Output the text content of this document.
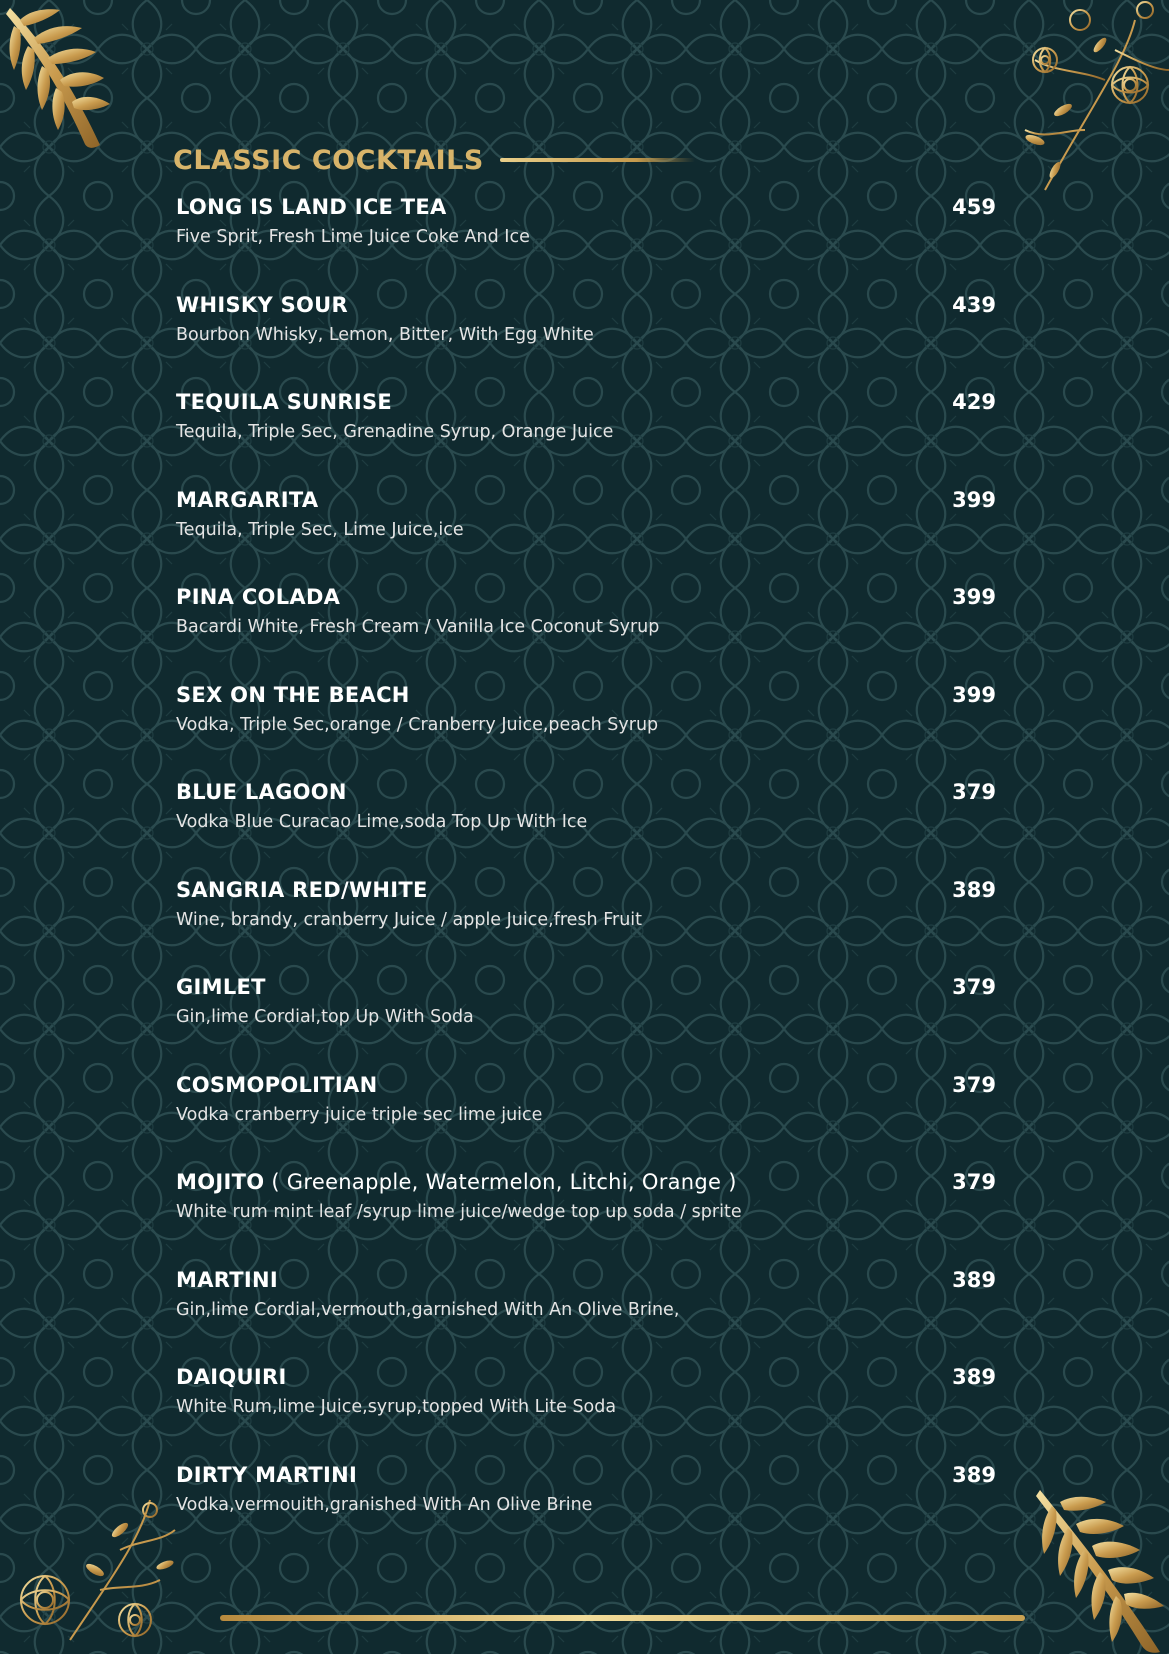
CLASSIC COCKTAILS
LONG IS LAND ICE TEA	459
Five Sprit, Fresh Lime Juice Coke And Ice
WHISKY SOUR	439
Bourbon Whisky, Lemon, Bitter, With Egg White
TEQUILA SUNRISE	429
Tequila, Triple Sec, Grenadine Syrup, Orange Juice
MARGARITA	399
Tequila, Triple Sec, Lime Juice,ice
PINA COLADA	399
Bacardi White, Fresh Cream / Vanilla Ice Coconut Syrup
SEX ON THE BEACH	399
Vodka, Triple Sec,orange / Cranberry Juice,peach Syrup
BLUE LAGOON	379
Vodka Blue Curacao Lime,soda Top Up With Ice
SANGRIA RED/WHITE	389
Wine, brandy, cranberry Juice / apple Juice,fresh Fruit
GIMLET	379
Gin,lime Cordial,top Up With Soda
COSMOPOLITIAN	379
Vodka cranberry juice triple sec lime juice
MOJITO ( Greenapple, Watermelon, Litchi, Orange )	379
White rum mint leaf /syrup lime juice/wedge top up soda / sprite
MARTINI	389
Gin,lime Cordial,vermouth,garnished With An Olive Brine,
DAIQUIRI	389
White Rum,lime Juice,syrup,topped With Lite Soda
DIRTY MARTINI	389
Vodka,vermouith,granished With An Olive Brine
